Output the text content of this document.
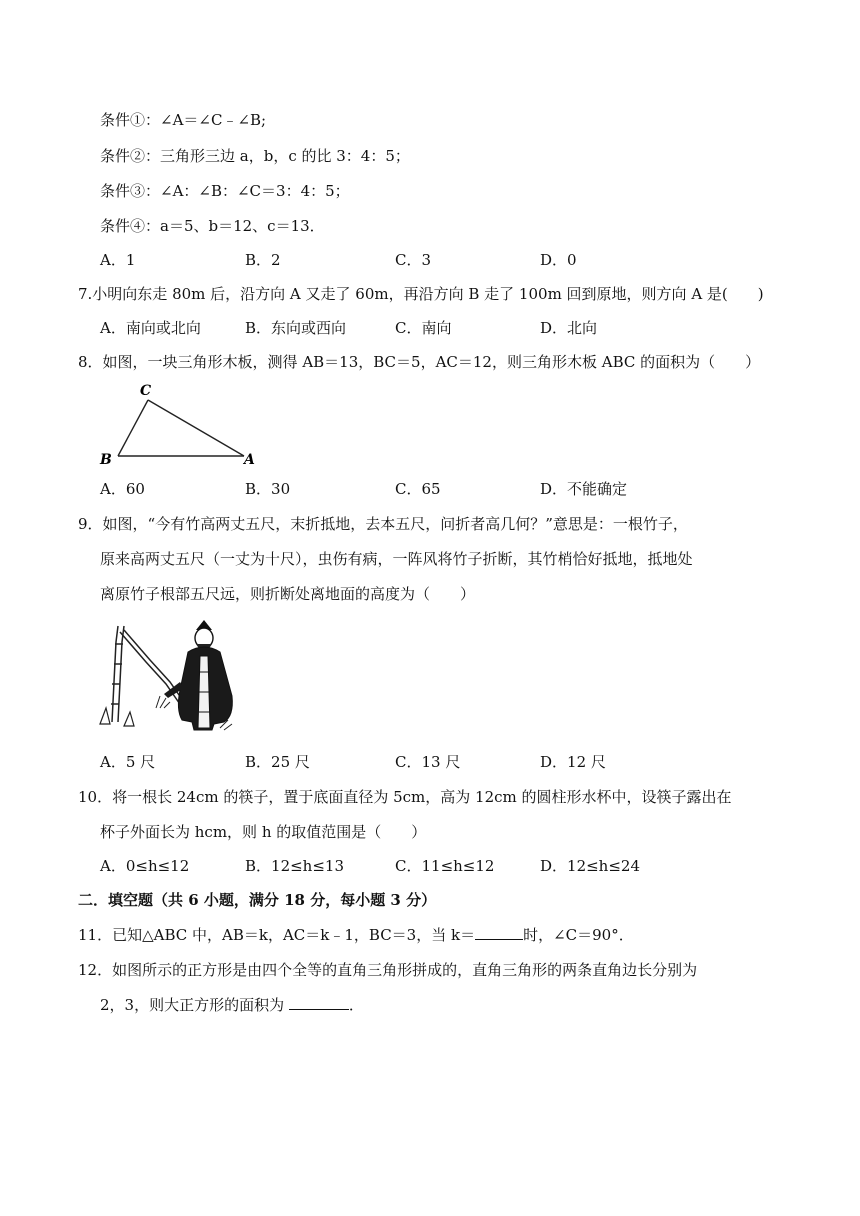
条件①：∠A＝∠C﹣∠B;
条件②：三角形三边 a，b，c 的比 3：4：5；
条件③：∠A：∠B：∠C＝3：4：5；
条件④：a＝5、b＝12、c＝13．
A．1	B．2	C．3	D．0
7.小明向东走 80m 后，沿方向 A 又走了 60m，再沿方向 B 走了 100m 回到原地，则方向 A 是(　　)
A．南向或北向	B．东向或西向	C．南向	D．北向
8．如图，一块三角形木板，测得 AB＝13，BC＝5，AC＝12，则三角形木板 ABC 的面积为（　　）
C
B	A
A．60	B．30	C．65	D．不能确定
9．如图，“今有竹高两丈五尺，末折抵地，去本五尺，问折者高几何？”意思是：一根竹子，
原来高两丈五尺（一丈为十尺），虫伤有病，一阵风将竹子折断，其竹梢恰好抵地，抵地处
离原竹子根部五尺远，则折断处离地面的高度为（　　）
A．5 尺	B．25 尺	C．13 尺	D．12 尺
10．将一根长 24cm 的筷子，置于底面直径为 5cm，高为 12cm 的圆柱形水杯中，设筷子露出在
杯子外面长为 hcm，则 h 的取值范围是（　　）
A．0≤h≤12	B．12≤h≤13	C．11≤h≤12	D．12≤h≤24
二．填空题（共 6 小题，满分 18 分，每小题 3 分）
11．已知△ABC 中，AB＝k，AC＝k﹣1，BC＝3，当 k＝	时，∠C＝90°．
12．如图所示的正方形是由四个全等的直角三角形拼成的，直角三角形的两条直角边长分别为
2，3，则大正方形的面积为	．
